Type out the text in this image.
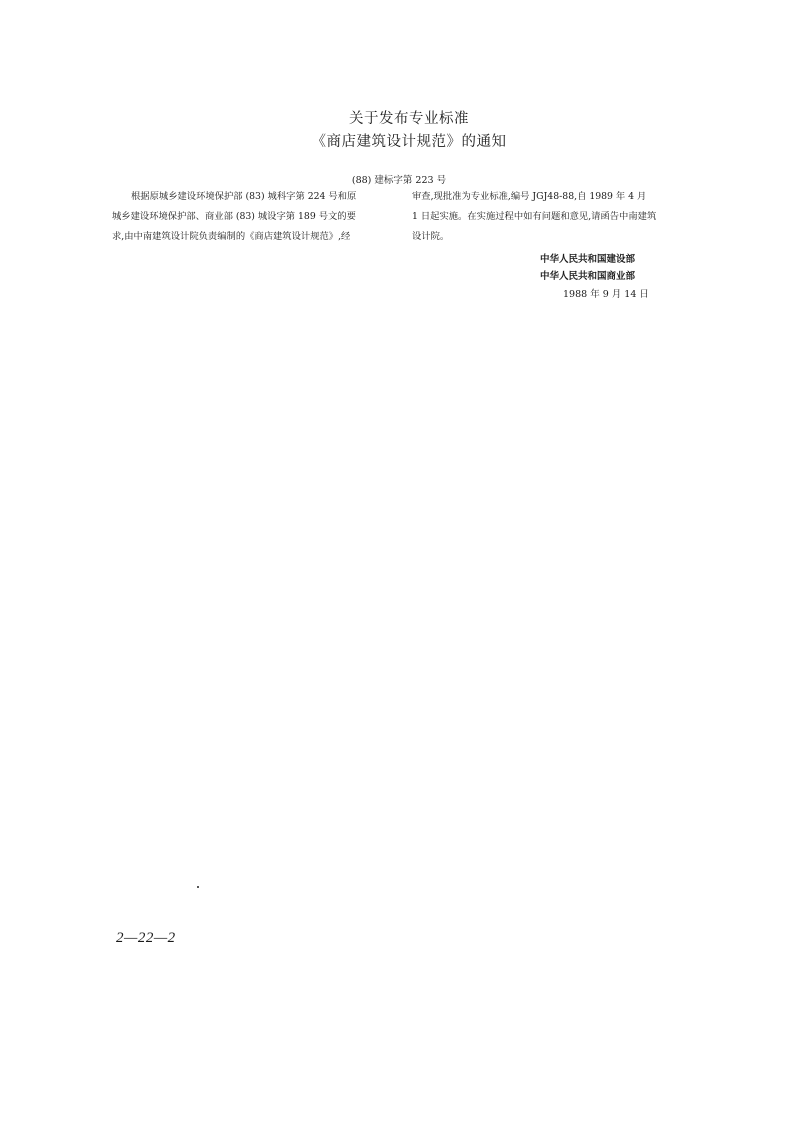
关于发布专业标准
《商店建筑设计规范》的通知
(88) 建标字第 223 号
根据原城乡建设环境保护部 (83) 城科字第 224 号和原
城乡建设环境保护部、商业部 (83) 城设字第 189 号文的要
求,由中南建筑设计院负责编制的《商店建筑设计规范》,经
审查,现批准为专业标准,编号 JGJ48-88,自 1989 年 4 月
1 日起实施。在实施过程中如有问题和意见,请函告中南建筑
设计院。
中华人民共和国建设部
中华人民共和国商业部
1988 年 9 月 14 日
2—22—2
